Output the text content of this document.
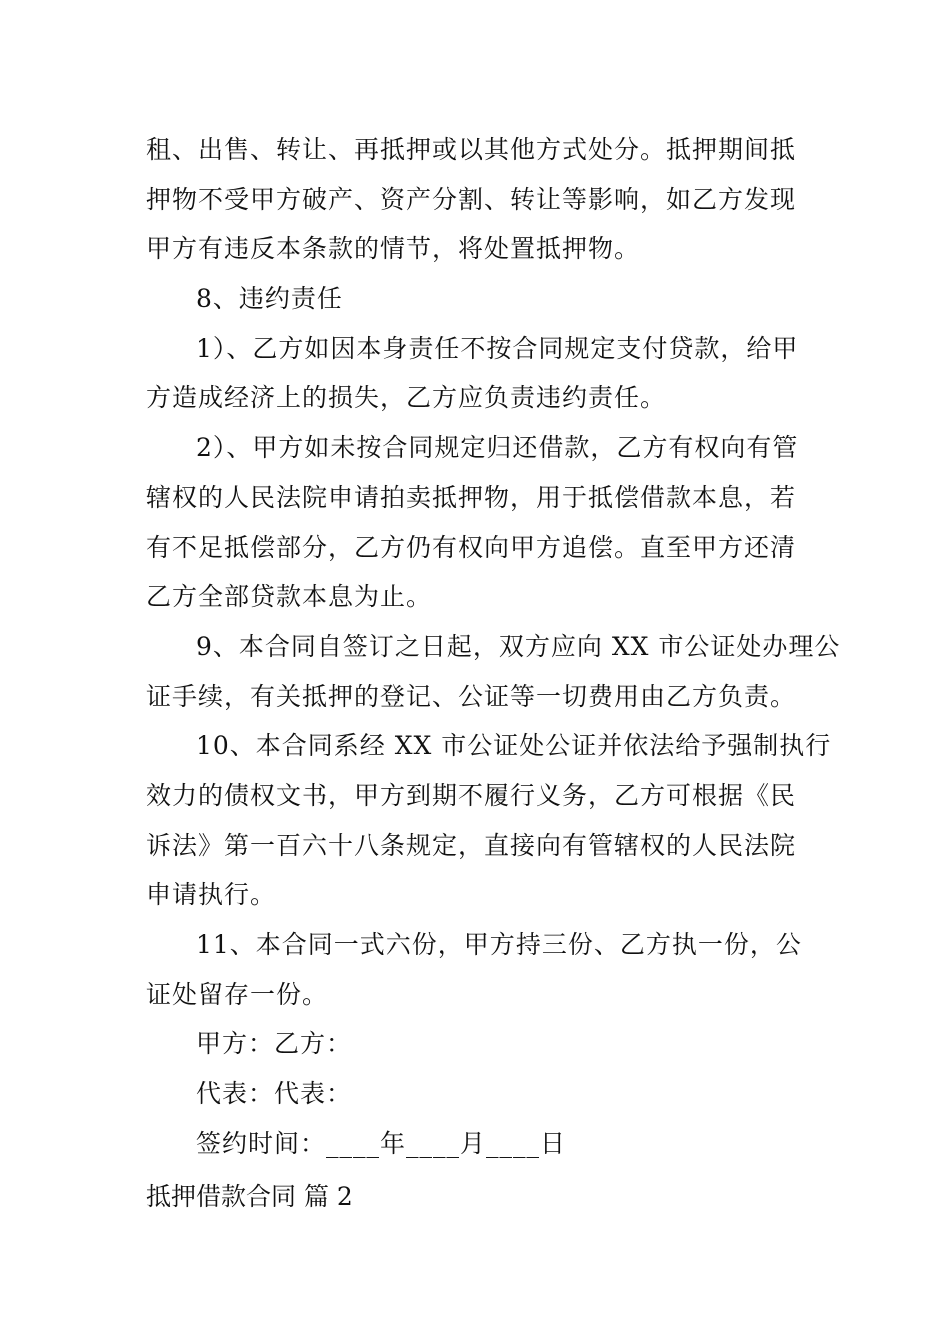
租、出售、转让、再抵押或以其他方式处分。抵押期间抵
押物不受甲方破产、资产分割、转让等影响，如乙方发现
甲方有违反本条款的情节，将处置抵押物。
8、违约责任
1）、乙方如因本身责任不按合同规定支付贷款，给甲
方造成经济上的损失，乙方应负责违约责任。
2）、甲方如未按合同规定归还借款，乙方有权向有管
辖权的人民法院申请拍卖抵押物，用于抵偿借款本息，若
有不足抵偿部分，乙方仍有权向甲方追偿。直至甲方还清
乙方全部贷款本息为止。
9、本合同自签订之日起，双方应向 XX 市公证处办理公
证手续，有关抵押的登记、公证等一切费用由乙方负责。
10、本合同系经 XX 市公证处公证并依法给予强制执行
效力的债权文书，甲方到期不履行义务，乙方可根据《民
诉法》第一百六十八条规定，直接向有管辖权的人民法院
申请执行。
11、本合同一式六份，甲方持三份、乙方执一份，公
证处留存一份。
甲方：乙方：
代表：代表：
签约时间：____年____月____日
抵押借款合同 篇 2
